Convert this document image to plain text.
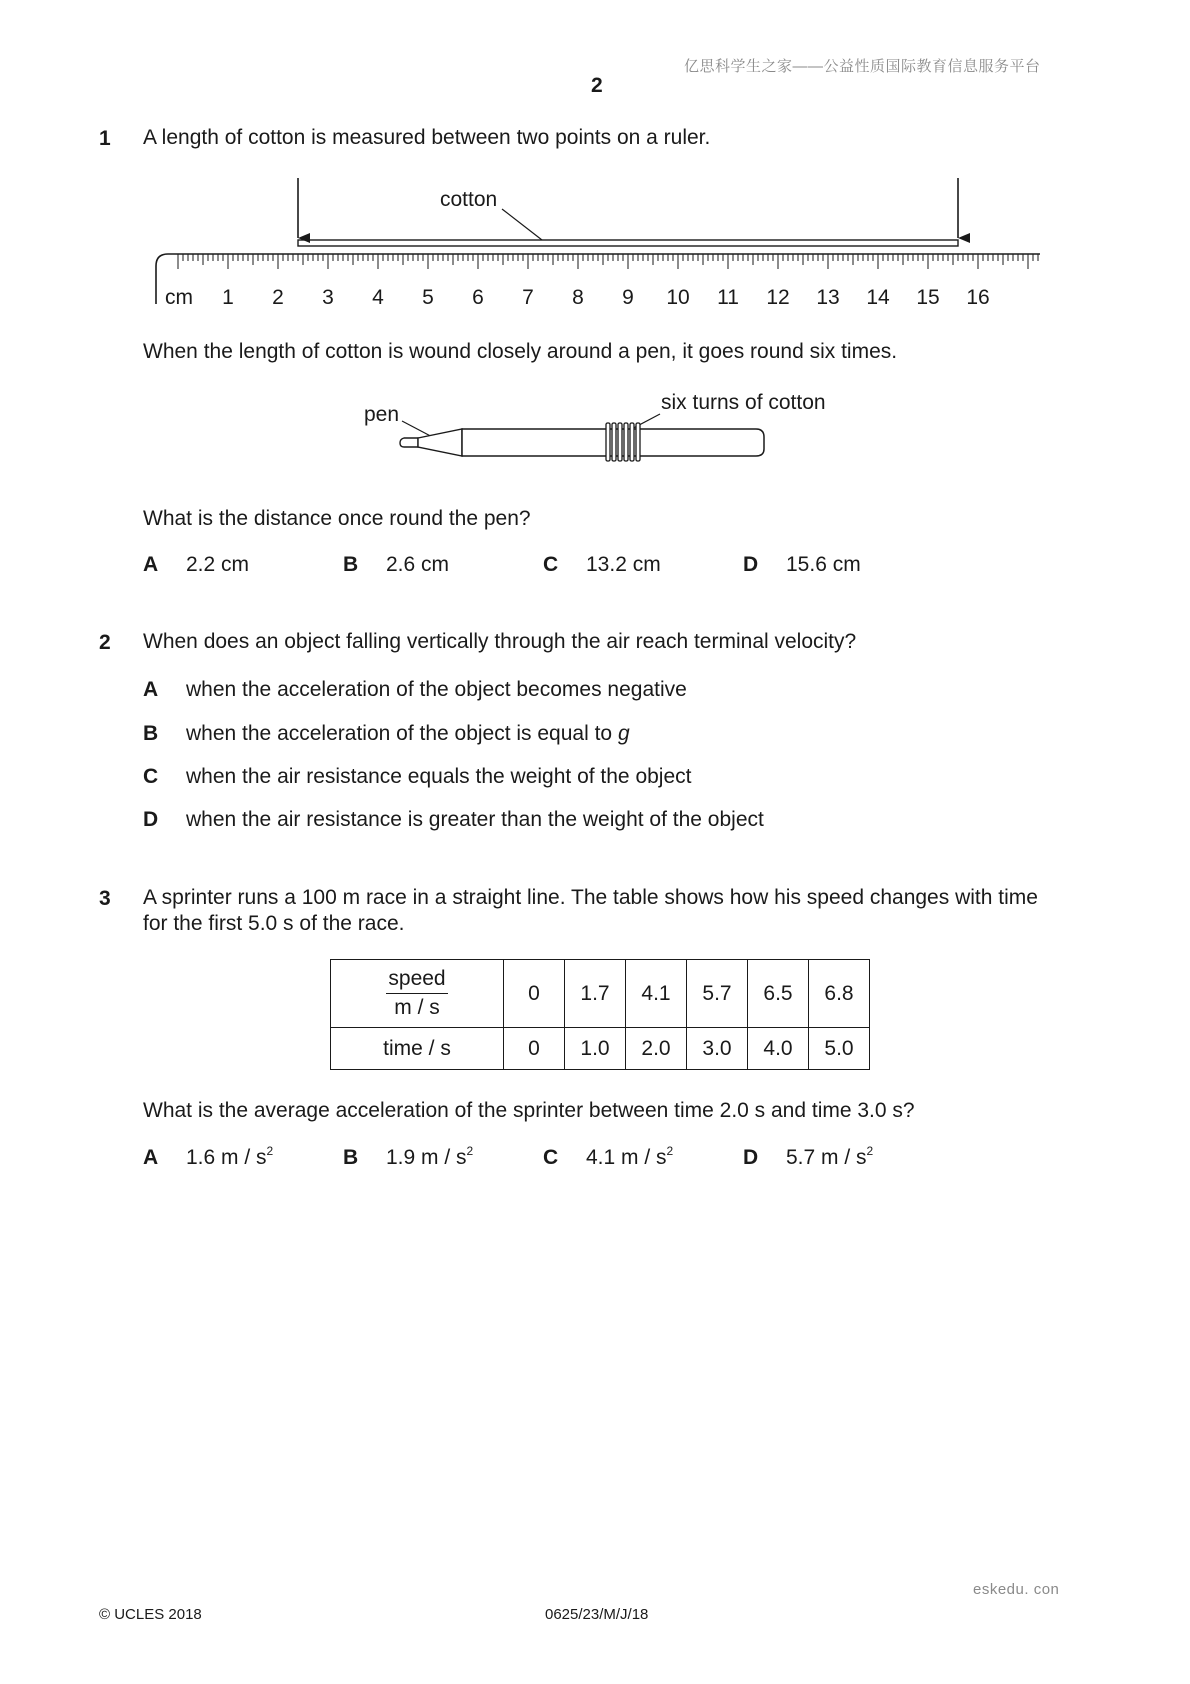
亿思科学生之家——公益性质国际教育信息服务平台
2
1 A length of cotton is measured between two points on a ruler.
1 2 3 4 5 6 7 8 9 10 11 12 13 14 15 16
cm
cotton
When the length of cotton is wound closely around a pen, it goes round six times.
pen
six turns of cotton
What is the distance once round the pen?
A 2.2 cm	B 2.6 cm	C 13.2 cm	D 15.6 cm
2 When does an object falling vertically through the air reach terminal velocity?
A when the acceleration of the object becomes negative
B when the acceleration of the object is equal to g
C when the air resistance equals the weight of the object
D when the air resistance is greater than the weight of the object
3 A sprinter runs a 100 m race in a straight line. The table shows how his speed changes with time
for the first 5.0 s of the race.
$\frac{\text{speed}}{m / s}$	0	1.7	4.1	5.7	6.5	6.8
time / s	0	1.0	2.0	3.0	4.0	5.0
What is the average acceleration of the sprinter between time 2.0 s and time 3.0 s?
A 1.6 m / $s^2$	B 1.9 m / $s^2$	C 4.1 m / $s^2$	D 5.7 m / $s^2$
eskedu. con
© UCLES 2018	0625/23/M/J/18
